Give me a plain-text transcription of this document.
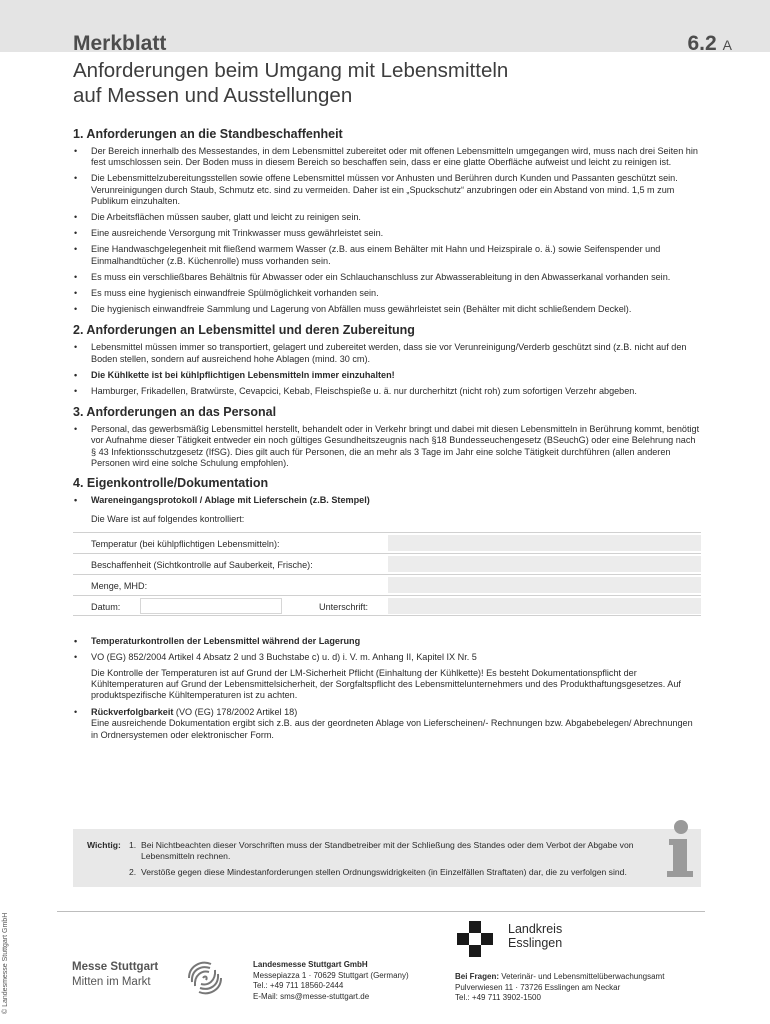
Merkblatt	6.2 A
Anforderungen beim Umgang mit Lebensmitteln
auf Messen und Ausstellungen
1. Anforderungen an die Standbeschaffenheit
• Der Bereich innerhalb des Messestandes, in dem Lebensmittel zubereitet oder mit offenen Lebensmitteln umgegangen wird, muss nach drei Seiten hin fest umschlossen sein. Der Boden muss in diesem Bereich so beschaffen sein, dass er eine glatte Oberfläche aufweist und leicht zu reinigen ist.
• Die Lebensmittelzubereitungsstellen sowie offene Lebensmittel müssen vor Anhusten und Berühren durch Kunden und Passanten geschützt sein. Verunreinigungen durch Staub, Schmutz etc. sind zu vermeiden. Daher ist ein „Spuckschutz“ anzubringen oder ein Abstand von mind. 1,5 m zum Publikum einzuhalten.
• Die Arbeitsflächen müssen sauber, glatt und leicht zu reinigen sein.
• Eine ausreichende Versorgung mit Trinkwasser muss gewährleistet sein.
• Eine Handwaschgelegenheit mit fließend warmem Wasser (z.B. aus einem Behälter mit Hahn und Heizspirale o. ä.) sowie Seifenspender und Einmalhandtücher (z.B. Küchenrolle) muss vorhanden sein.
• Es muss ein verschließbares Behältnis für Abwasser oder ein Schlauchanschluss zur Abwasserableitung in den Abwasserkanal vorhanden sein.
• Es muss eine hygienisch einwandfreie Spülmöglichkeit vorhanden sein.
• Die hygienisch einwandfreie Sammlung und Lagerung von Abfällen muss gewährleistet sein (Behälter mit dicht schließendem Deckel).
2. Anforderungen an Lebensmittel und deren Zubereitung
• Lebensmittel müssen immer so transportiert, gelagert und zubereitet werden, dass sie vor Verunreinigung/Verderb geschützt sind (z.B. nicht auf den Boden stellen, sondern auf ausreichend hohe Ablagen (mind. 30 cm).
• Die Kühlkette ist bei kühlpflichtigen Lebensmitteln immer einzuhalten!
• Hamburger, Frikadellen, Bratwürste, Cevapcici, Kebab, Fleischspieße u. ä. nur durcherhitzt (nicht roh) zum sofortigen Verzehr abgeben.
3. Anforderungen an das Personal
• Personal, das gewerbsmäßig Lebensmittel herstellt, behandelt oder in Verkehr bringt und dabei mit diesen Lebensmitteln in Berührung kommt, benötigt vor Aufnahme dieser Tätigkeit entweder ein noch gültiges Gesundheitszeugnis nach §18 Bundesseuchengesetz (BSeuchG) oder eine Belehrung nach § 43 Infektionsschutzgesetz (IfSG). Dies gilt auch für Personen, die an mehr als 3 Tage im Jahr eine solche Tätigkeit durchführen (allen anderen Personen wird eine solche Schulung empfohlen).
4. Eigenkontrolle/Dokumentation
• Wareneingangsprotokoll / Ablage mit Lieferschein (z.B. Stempel)
Die Ware ist auf folgendes kontrolliert:
Temperatur (bei kühlpflichtigen Lebensmitteln):
Beschaffenheit (Sichtkontrolle auf Sauberkeit, Frische):
Menge, MHD:
Datum:	Unterschrift:
• Temperaturkontrollen der Lebensmittel während der Lagerung
• VO (EG) 852/2004 Artikel 4 Absatz 2 und 3 Buchstabe c) u. d) i. V. m. Anhang II, Kapitel IX Nr. 5
Die Kontrolle der Temperaturen ist auf Grund der LM-Sicherheit Pflicht (Einhaltung der Kühlkette)! Es besteht Dokumentationspflicht der Kühltemperaturen auf Grund der Lebensmittelsicherheit, der Sorgfaltspflicht des Lebensmittelunternehmers und des Produkthaftungsgesetzes. Auf produktspezifische Kühltemperaturen ist zu achten.
• Rückverfolgbarkeit (VO (EG) 178/2002 Artikel 18)
Eine ausreichende Dokumentation ergibt sich z.B. aus der geordneten Ablage von Lieferscheinen/- Rechnungen bzw. Abgabebelegen/ Abrechnungen in Ordnersystemen oder elektronischer Form.
Wichtig: 1. Bei Nichtbeachten dieser Vorschriften muss der Standbetreiber mit der Schließung des Standes oder dem Verbot der Abgabe von Lebensmitteln rechnen.
2. Verstöße gegen diese Mindestanforderungen stellen Ordnungswidrigkeiten (in Einzelfällen Straftaten) dar, die zu verfolgen sind.
© Landesmesse Stuttgart GmbH	Landkreis
Esslingen
Messe Stuttgart
Mitten im Markt
Landesmesse Stuttgart GmbH
Messepiazza 1 · 70629 Stuttgart (Germany)
Tel.: +49 711 18560-2444
E-Mail: sms@messe-stuttgart.de
Bei Fragen: Veterinär- und Lebensmittelüberwachungsamt
Pulverwiesen 11 · 73726 Esslingen am Neckar
Tel.: +49 711 3902-1500
